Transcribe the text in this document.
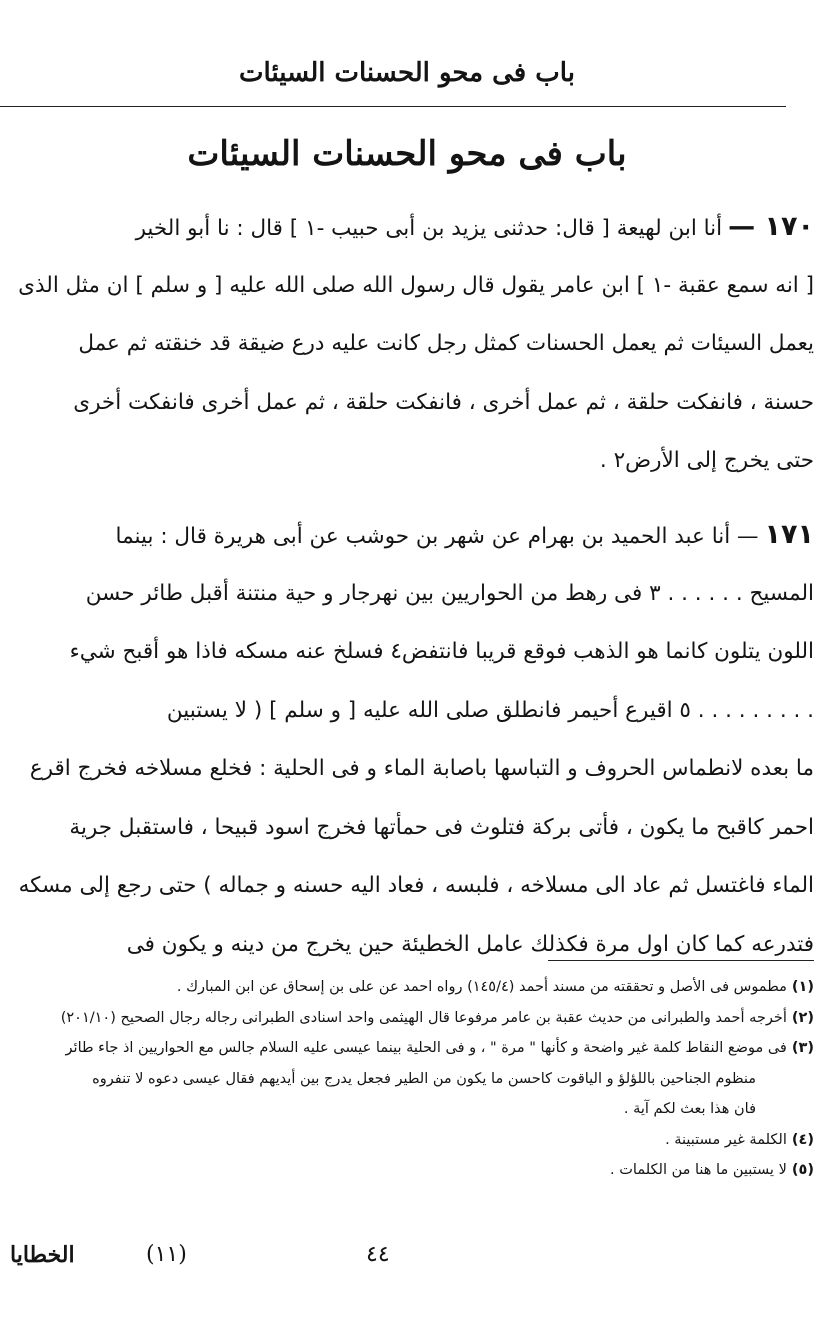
باب فى محو الحسنات السيئات
باب فى محو الحسنات السيئات
١٧٠ —أنا ابن لهيعة [ قال: حدثنى يزيد بن أبى حبيب -١ ] قال : نا أبو الخير
[ انه سمع عقبة -١ ] ابن عامر يقول قال رسول الله صلى الله عليه [ و سلم ] ان مثل الذى
يعمل السيئات ثم يعمل الحسنات كمثل رجل كانت عليه درع ضيقة قد خنقته ثم عمل
حسنة ، فانفكت حلقة ، ثم عمل أخرى ، فانفكت حلقة ، ثم عمل أخرى فانفكت أخرى
حتى يخرج إلى الأرض٢ .
١٧١— أنا عبد الحميد بن بهرام عن شهر بن حوشب عن أبى هريرة قال : بينما
المسيح . . . . . . ٣ فى رهط من الحواريين بين نهرجار و حية منتنة أقبل طائر حسن
اللون يتلون كانما هو الذهب فوقع قريبا فانتفض٤ فسلخ عنه مسكه فاذا هو أقبح شيء
. . . . . . . . . ٥ اقيرع أحيمر فانطلق صلى الله عليه [ و سلم ] ( لا يستبين
ما بعده لانطماس الحروف و التباسها باصابة الماء و فى الحلية : فخلع مسلاخه فخرج اقرع
احمر كاقبح ما يكون ، فأتى بركة فتلوث فى حمأتها فخرج اسود قبيحا ، فاستقبل جرية
الماء فاغتسل ثم عاد الى مسلاخه ، فلبسه ، فعاد اليه حسنه و جماله ) حتى رجع إلى مسكه
فتدرعه كما كان اول مرة فكذلك عامل الخطيئة حين يخرج من دينه و يكون فى
(١)مطموس فى الأصل و تحققته من مسند أحمد (١٤٥/٤) رواه احمد عن على بن إسحاق عن ابن المبارك .
(٢)أخرجه أحمد والطبرانى من حديث عقبة بن عامر مرفوعا قال الهيثمى واحد اسنادى الطبرانى رجاله رجال الصحيح (٢٠١/١٠)
(٣)فى موضع النقاط كلمة غير واضحة و كأنها " مرة " ، و فى الحلية بينما عيسى عليه السلام جالس مع الحواريين اذ جاء طائر
منظوم الجناحين باللؤلؤ و الياقوت كاحسن ما يكون من الطير فجعل يدرج بين أيديهم فقال عيسى دعوه لا تنفروه
فان هذا بعث لكم آية .
(٤)الكلمة غير مستبينة .
(٥)لا يستبين ما هنا من الكلمات .
الخطايا	(١١)	٤٤
